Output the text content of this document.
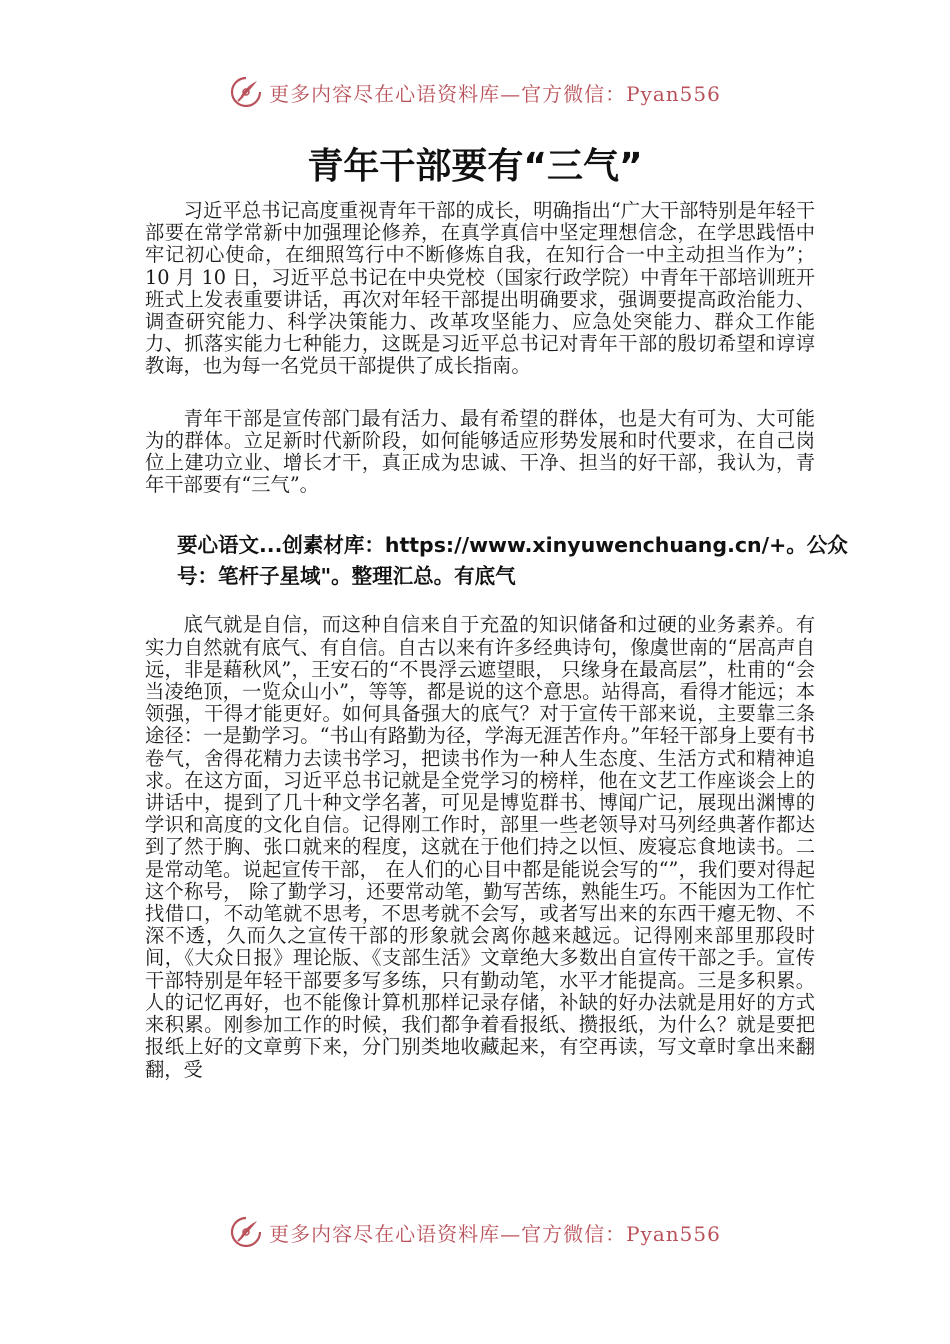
更多内容尽在心语资料库—官方微信：Pyan556
青年干部要有“三气”

习近平总书记高度重视青年干部的成长，明确指出“广大干部特别是年轻干部要在常学常新中加强理论修养，在真学真信中坚定理想信念，在学思践悟中牢记初心使命，在细照笃行中不断修炼自我，在知行合一中主动担当作为”； 10 月 10 日，习近平总书记在中央党校（国家行政学院）中青年干部培训班开班式上发表重要讲话，再次对年轻干部提出明确要求，强调要提高政治能力、调查研究能力、科学决策能力、改革攻坚能力、应急处突能力、群众工作能力、抓落实能力七种能力，这既是习近平总书记对青年干部的殷切希望和谆谆教诲，也为每一名党员干部提供了成长指南。

青年干部是宣传部门最有活力、最有希望的群体，也是大有可为、大可能为的群体。立足新时代新阶段，如何能够适应形势发展和时代要求，在自己岗位上建功立业、增长才干，真正成为忠诚、干净、担当的好干部，我认为，青年干部要有“三气”。

要心语文...创素材库：https://www.xinyuwenchuang.cn/+。公众号：笔杆子星域"。整理汇总。有底气

底气就是自信，而这种自信来自于充盈的知识储备和过硬的业务素养。有实力自然就有底气、有自信。自古以来有许多经典诗句，像虞世南的“居高声自远，非是藉秋风”，王安石的“不畏浮云遮望眼， 只缘身在最高层”，杜甫的“会当凌绝顶，一览众山小”，等等，都是说的这个意思。站得高，看得才能远；本领强，干得才能更好。如何具备强大的底气？对于宣传干部来说，主要靠三条途径：一是勤学习。“书山有路勤为径，学海无涯苦作舟。”年轻干部身上要有书卷气，舍得花精力去读书学习，把读书作为一种人生态度、生活方式和精神追求。在这方面，习近平总书记就是全党学习的榜样，他在文艺工作座谈会上的讲话中，提到了几十种文学名著，可见是博览群书、博闻广记，展现出渊博的学识和高度的文化自信。记得刚工作时，部里一些老领导对马列经典著作都达到了然于胸、张口就来的程度，这就在于他们持之以恒、废寝忘食地读书。二是常动笔。说起宣传干部， 在人们的心目中都是能说会写的“”，我们要对得起这个称号， 除了勤学习，还要常动笔，勤写苦练，熟能生巧。不能因为工作忙找借口，不动笔就不思考，不思考就不会写，或者写出来的东西干瘪无物、不深不透，久而久之宣传干部的形象就会离你越来越远。记得刚来部里那段时间，《大众日报》理论版、《支部生活》文章绝大多数出自宣传干部之手。宣传干部特别是年轻干部要多写多练，只有勤动笔，水平才能提高。三是多积累。人的记忆再好，也不能像计算机那样记录存储，补缺的好办法就是用好的方式来积累。刚参加工作的时候，我们都争着看报纸、攒报纸，为什么？就是要把报纸上好的文章剪下来，分门别类地收藏起来，有空再读，写文章时拿出来翻翻，受

更多内容尽在心语资料库—官方微信：Pyan556
